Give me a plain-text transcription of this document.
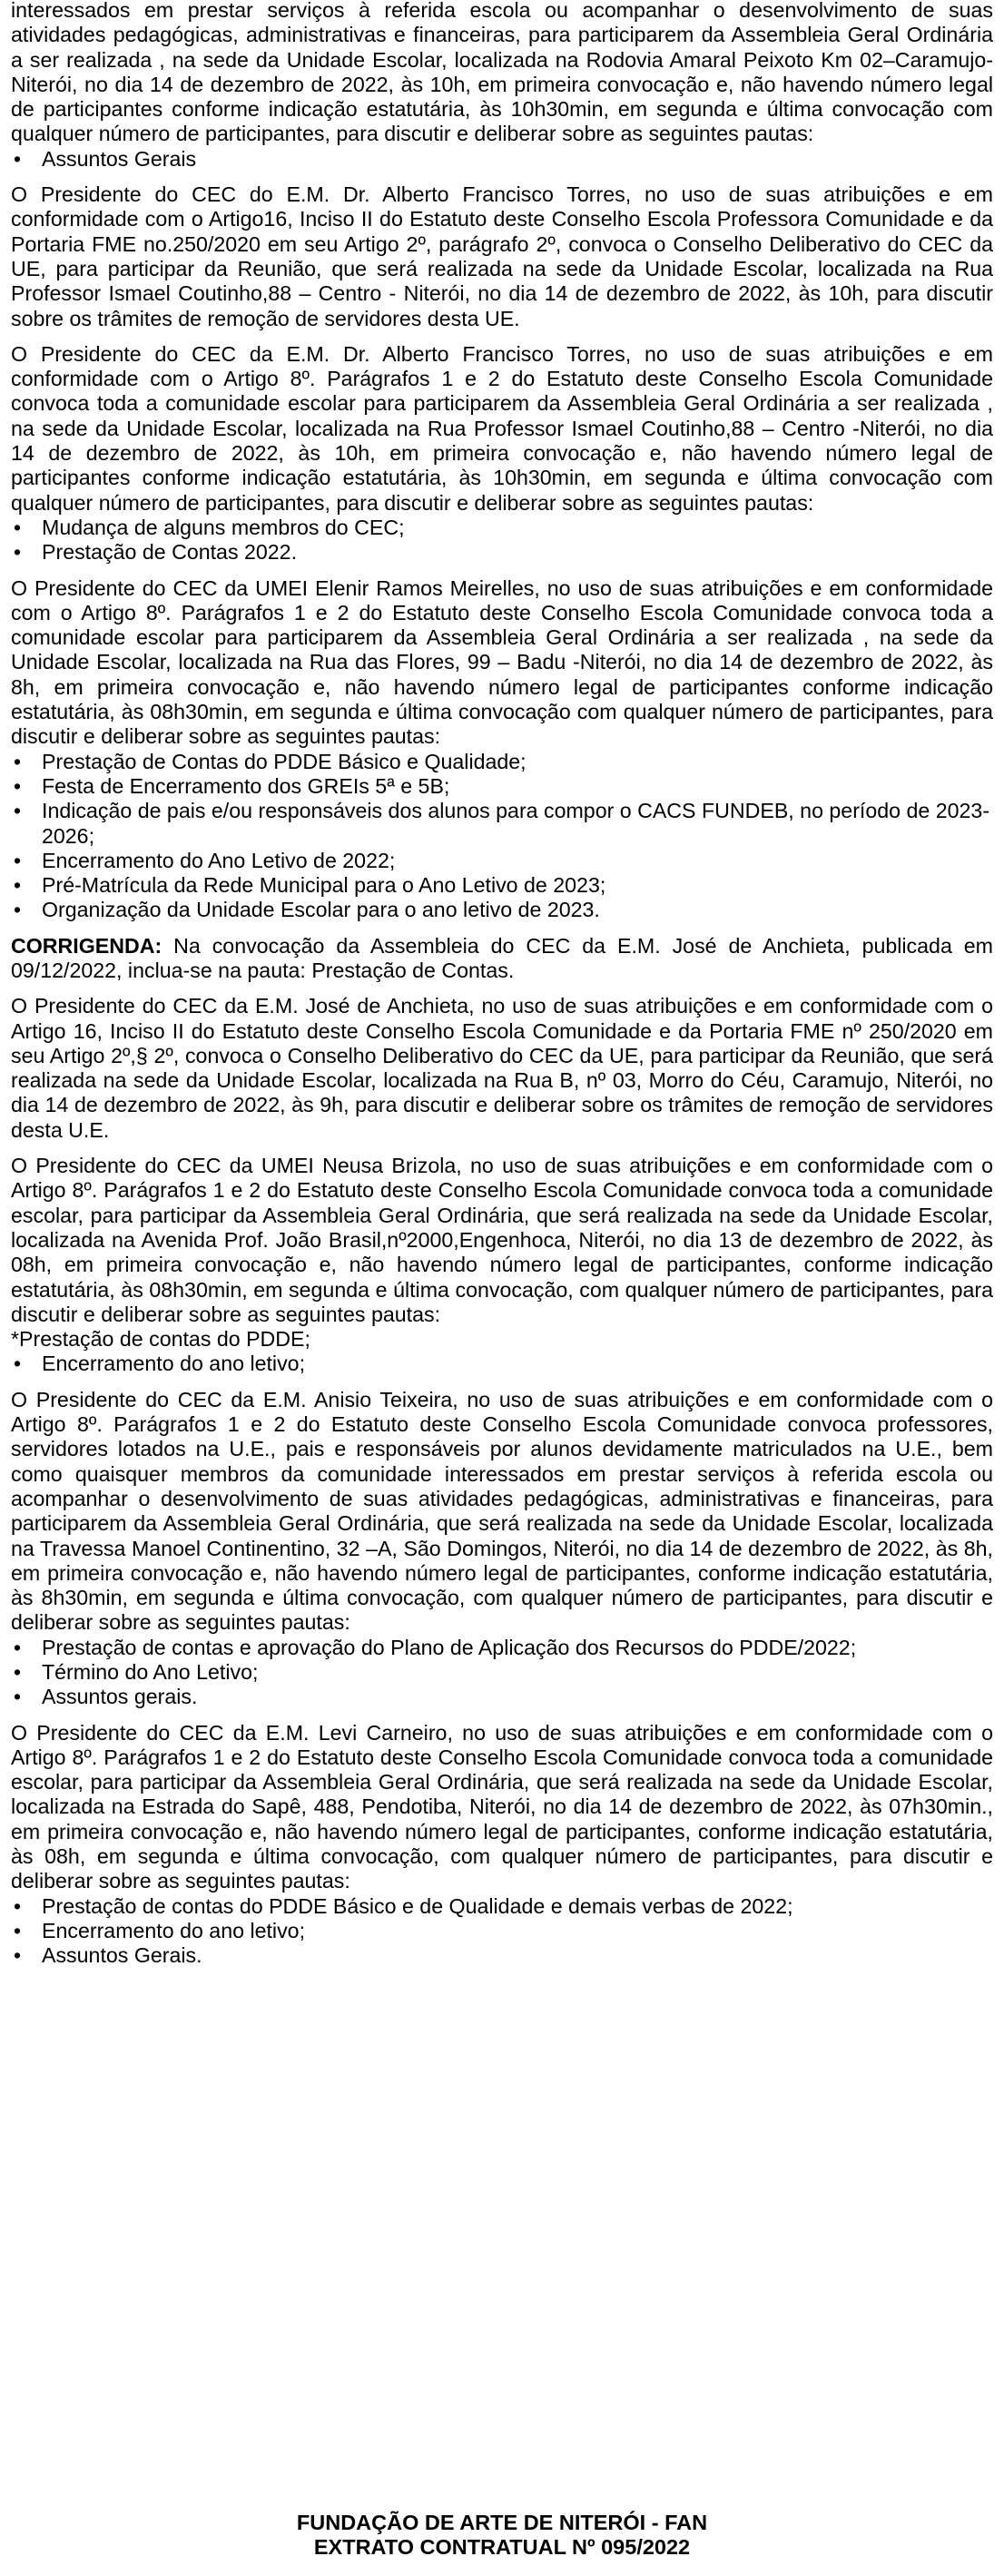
interessados em prestar serviços à referida escola ou acompanhar o desenvolvimento de suas atividades pedagógicas, administrativas e financeiras, para participarem da Assembleia Geral Ordinária a ser realizada , na sede da Unidade Escolar, localizada na Rodovia Amaral Peixoto Km 02–Caramujo- Niterói, no dia 14 de dezembro de 2022, às 10h, em primeira convocação e, não havendo número legal de participantes conforme indicação estatutária, às 10h30min, em segunda e última convocação com qualquer número de participantes, para discutir e deliberar sobre as seguintes pautas:

• Assuntos Gerais

O Presidente do CEC do E.M. Dr. Alberto Francisco Torres, no uso de suas atribuições e em conformidade com o Artigo16, Inciso II do Estatuto deste Conselho Escola Professora Comunidade e da Portaria FME no.250/2020 em seu Artigo 2º, parágrafo 2º, convoca o Conselho Deliberativo do CEC da UE, para participar da Reunião, que será realizada na sede da Unidade Escolar, localizada na Rua Professor Ismael Coutinho,88 – Centro - Niterói, no dia 14 de dezembro de 2022, às 10h, para discutir sobre os trâmites de remoção de servidores desta UE.

O Presidente do CEC da E.M. Dr. Alberto Francisco Torres, no uso de suas atribuições e em conformidade com o Artigo 8º. Parágrafos 1 e 2 do Estatuto deste Conselho Escola Comunidade convoca toda a comunidade escolar para participarem da Assembleia Geral Ordinária a ser realizada , na sede da Unidade Escolar, localizada na Rua Professor Ismael Coutinho,88 – Centro -Niterói, no dia 14 de dezembro de 2022, às 10h, em primeira convocação e, não havendo número legal de participantes conforme indicação estatutária, às 10h30min, em segunda e última convocação com qualquer número de participantes, para discutir e deliberar sobre as seguintes pautas:

• Mudança de alguns membros do CEC;
• Prestação de Contas 2022.

O Presidente do CEC da UMEI Elenir Ramos Meirelles, no uso de suas atribuições e em conformidade com o Artigo 8º. Parágrafos 1 e 2 do Estatuto deste Conselho Escola Comunidade convoca toda a comunidade escolar para participarem da Assembleia Geral Ordinária a ser realizada , na sede da Unidade Escolar, localizada na Rua das Flores, 99 – Badu -Niterói, no dia 14 de dezembro de 2022, às 8h, em primeira convocação e, não havendo número legal de participantes conforme indicação estatutária, às 08h30min, em segunda e última convocação com qualquer número de participantes, para discutir e deliberar sobre as seguintes pautas:

• Prestação de Contas do PDDE Básico e Qualidade;
• Festa de Encerramento dos GREIs 5ª e 5B;
• Indicação de pais e/ou responsáveis dos alunos para compor o CACS FUNDEB, no período de 2023-2026;
• Encerramento do Ano Letivo de 2022;
• Pré-Matrícula da Rede Municipal para o Ano Letivo de 2023;
• Organização da Unidade Escolar para o ano letivo de 2023.

CORRIGENDA: Na convocação da Assembleia do CEC da E.M. José de Anchieta, publicada em 09/12/2022, inclua-se na pauta: Prestação de Contas.

O Presidente do CEC da E.M. José de Anchieta, no uso de suas atribuições e em conformidade com o Artigo 16, Inciso II do Estatuto deste Conselho Escola Comunidade e da Portaria FME nº 250/2020 em seu Artigo 2º,§ 2º, convoca o Conselho Deliberativo do CEC da UE, para participar da Reunião, que será realizada na sede da Unidade Escolar, localizada na Rua B, nº 03, Morro do Céu, Caramujo, Niterói, no dia 14 de dezembro de 2022, às 9h, para discutir e deliberar sobre os trâmites de remoção de servidores desta U.E.

O Presidente do CEC da UMEI Neusa Brizola, no uso de suas atribuições e em conformidade com o Artigo 8º. Parágrafos 1 e 2 do Estatuto deste Conselho Escola Comunidade convoca toda a comunidade escolar, para participar da Assembleia Geral Ordinária, que será realizada na sede da Unidade Escolar, localizada na Avenida Prof. João Brasil,nº2000,Engenhoca, Niterói, no dia 13 de dezembro de 2022, às 08h, em primeira convocação e, não havendo número legal de participantes, conforme indicação estatutária, às 08h30min, em segunda e última convocação, com qualquer número de participantes, para discutir e deliberar sobre as seguintes pautas:

*Prestação de contas do PDDE;

• Encerramento do ano letivo;

O Presidente do CEC da E.M. Anisio Teixeira, no uso de suas atribuições e em conformidade com o Artigo 8º. Parágrafos 1 e 2 do Estatuto deste Conselho Escola Comunidade convoca professores, servidores lotados na U.E., pais e responsáveis por alunos devidamente matriculados na U.E., bem como quaisquer membros da comunidade interessados em prestar serviços à referida escola ou acompanhar o desenvolvimento de suas atividades pedagógicas, administrativas e financeiras, para participarem da Assembleia Geral Ordinária, que será realizada na sede da Unidade Escolar, localizada na Travessa Manoel Continentino, 32 –A, São Domingos, Niterói, no dia 14 de dezembro de 2022, às 8h, em primeira convocação e, não havendo número legal de participantes, conforme indicação estatutária, às 8h30min, em segunda e última convocação, com qualquer número de participantes, para discutir e deliberar sobre as seguintes pautas:

• Prestação de contas e aprovação do Plano de Aplicação dos Recursos do PDDE/2022;
• Término do Ano Letivo;
• Assuntos gerais.

O Presidente do CEC da E.M. Levi Carneiro, no uso de suas atribuições e em conformidade com o Artigo 8º. Parágrafos 1 e 2 do Estatuto deste Conselho Escola Comunidade convoca toda a comunidade escolar, para participar da Assembleia Geral Ordinária, que será realizada na sede da Unidade Escolar, localizada na Estrada do Sapê, 488, Pendotiba, Niterói, no dia 14 de dezembro de 2022, às 07h30min., em primeira convocação e, não havendo número legal de participantes, conforme indicação estatutária, às 08h, em segunda e última convocação, com qualquer número de participantes, para discutir e deliberar sobre as seguintes pautas:

• Prestação de contas do PDDE Básico e de Qualidade e demais verbas de 2022;
• Encerramento do ano letivo;
• Assuntos Gerais.
FUNDAÇÃO DE ARTE DE NITERÓI - FAN
EXTRATO CONTRATUAL Nº 095/2022
